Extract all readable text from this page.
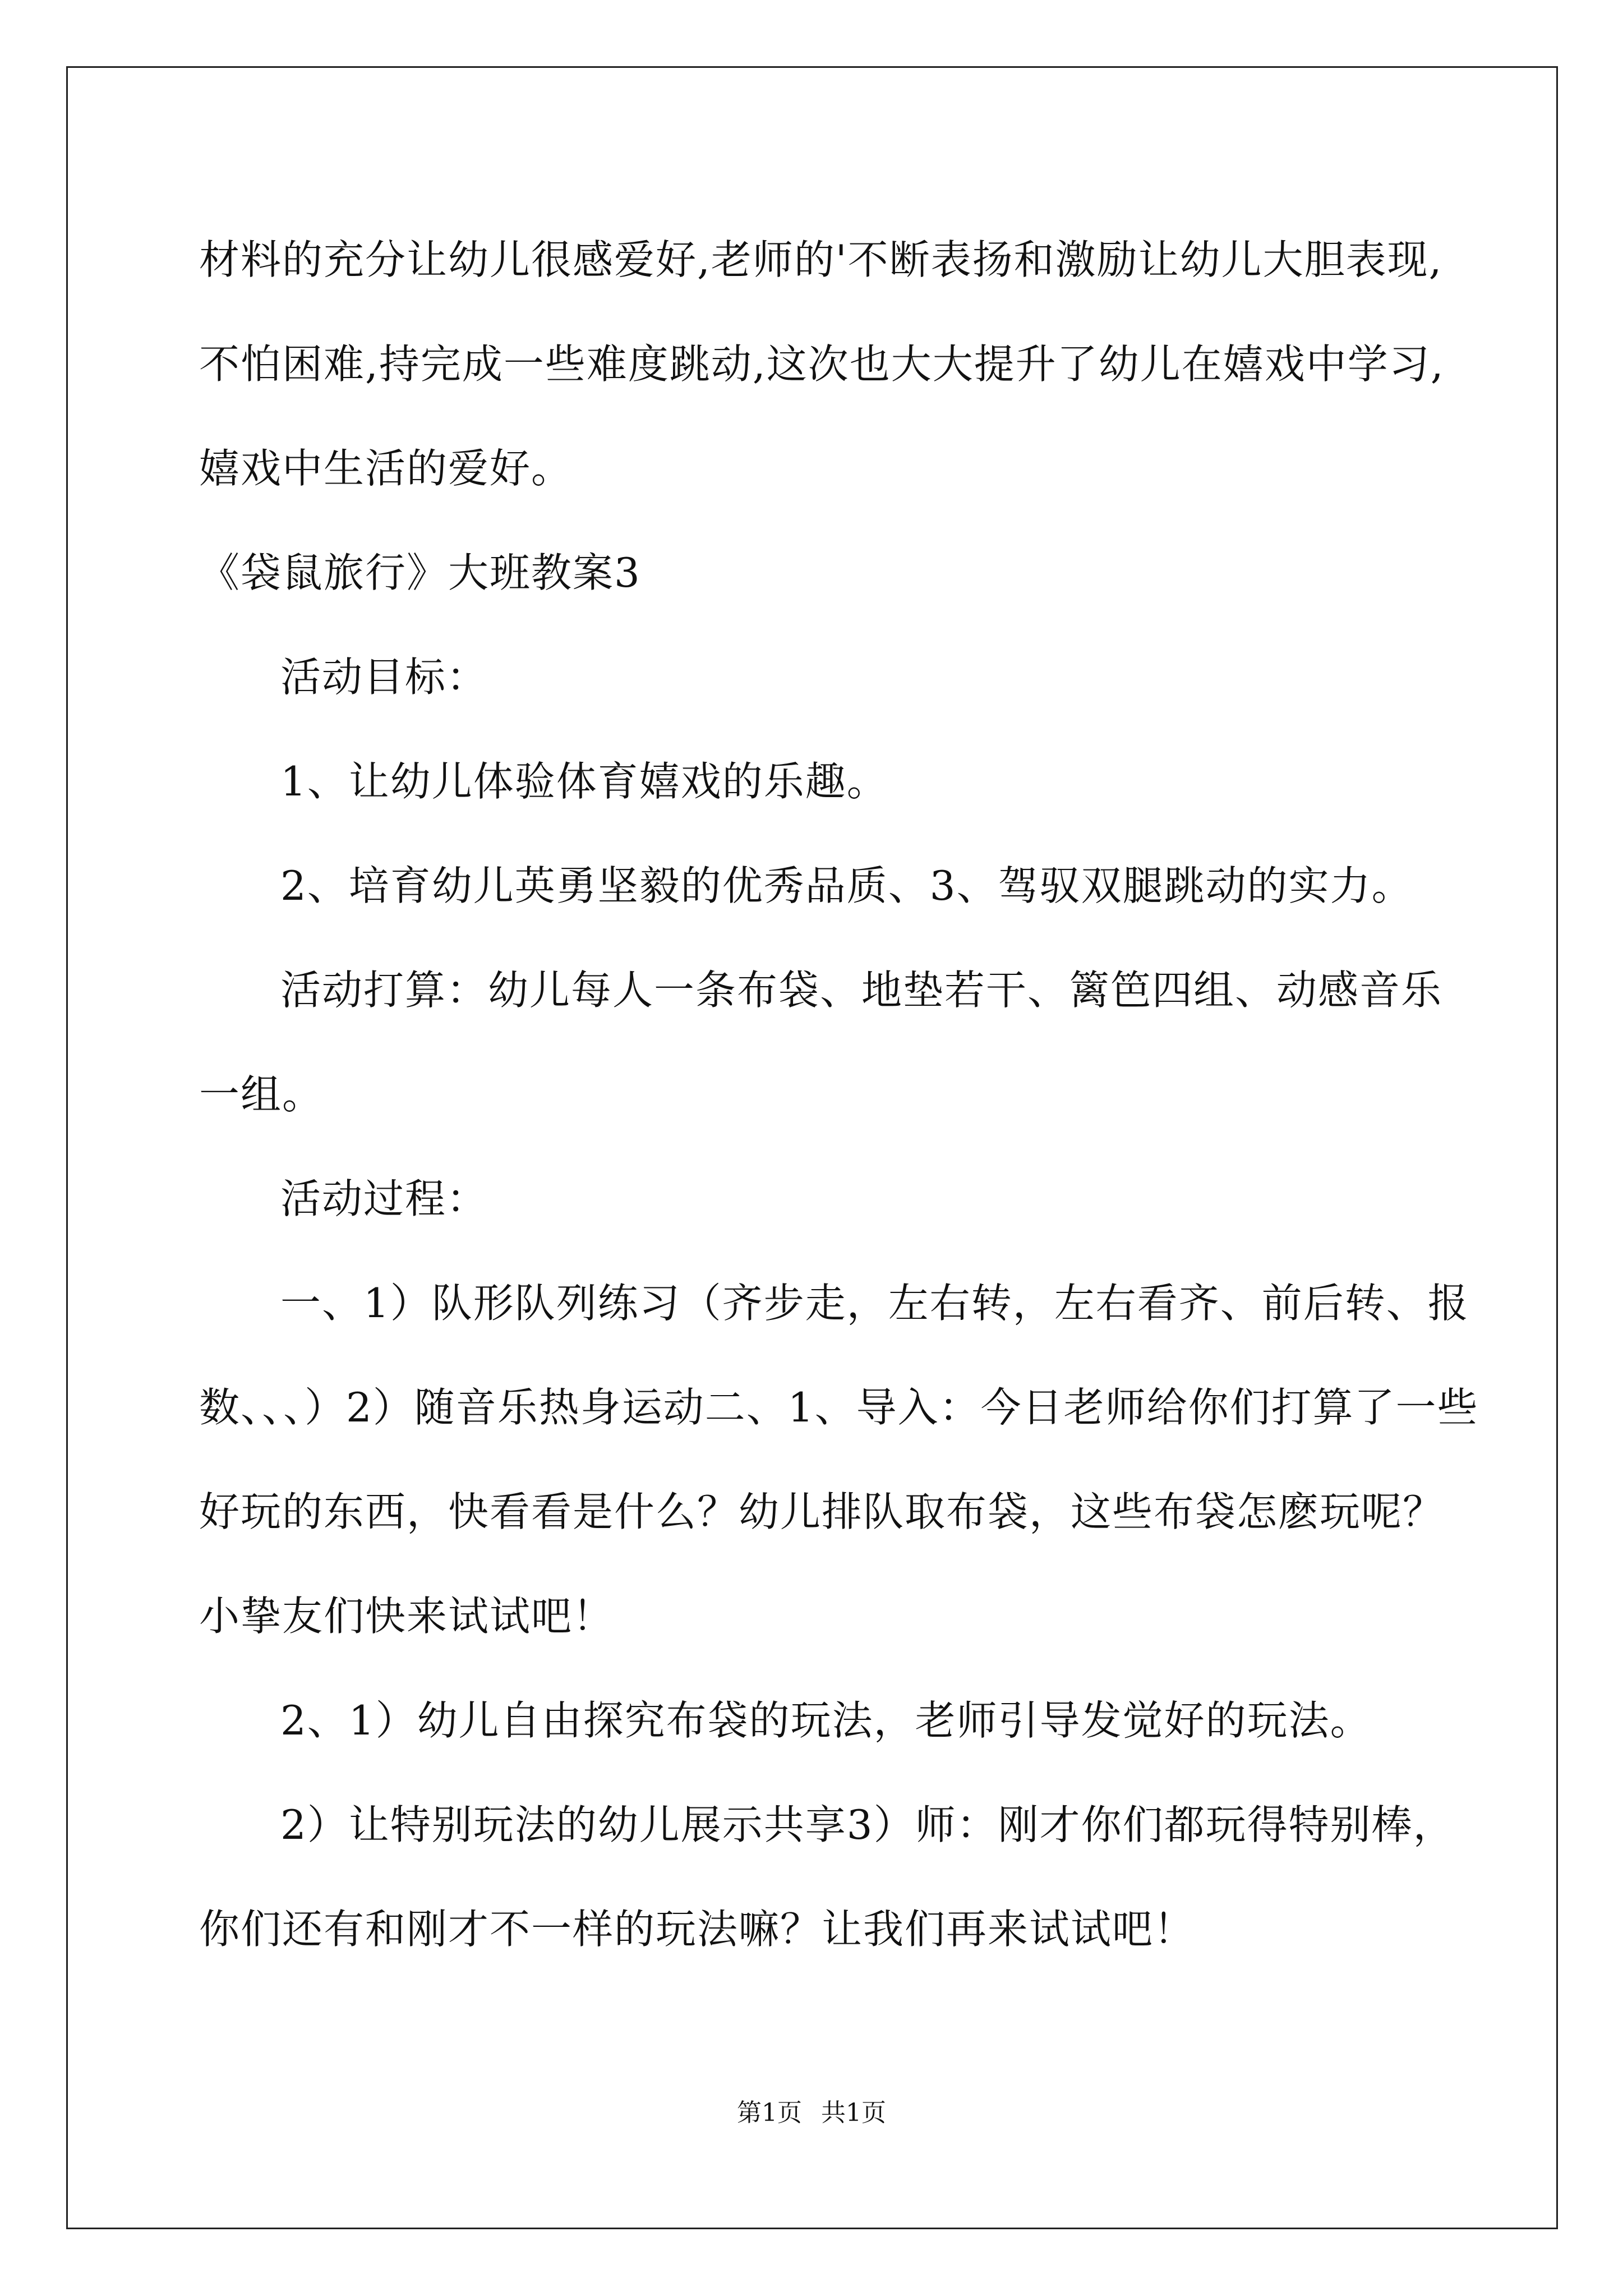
材料的充分让幼儿很感爱好,老师的'不断表扬和激励让幼儿大胆表现,
不怕困难,持完成一些难度跳动,这次也大大提升了幼儿在嬉戏中学习,
嬉戏中生活的爱好。
《袋鼠旅行》大班教案3
活动目标：
1、让幼儿体验体育嬉戏的乐趣。
2、培育幼儿英勇坚毅的优秀品质、3、驾驭双腿跳动的实力。
活动打算：幼儿每人一条布袋、地垫若干、篱笆四组、动感音乐
一组。
活动过程：
一、1）队形队列练习（齐步走，左右转，左右看齐、前后转、报
数、、、）2）随音乐热身运动二、1、导入：今日老师给你们打算了一些
好玩的东西，快看看是什么？幼儿排队取布袋，这些布袋怎麽玩呢？
小挚友们快来试试吧！
2、1）幼儿自由探究布袋的玩法，老师引导发觉好的玩法。
2）让特别玩法的幼儿展示共享3）师：刚才你们都玩得特别棒，
你们还有和刚才不一样的玩法嘛？让我们再来试试吧！
第1页 共1页
